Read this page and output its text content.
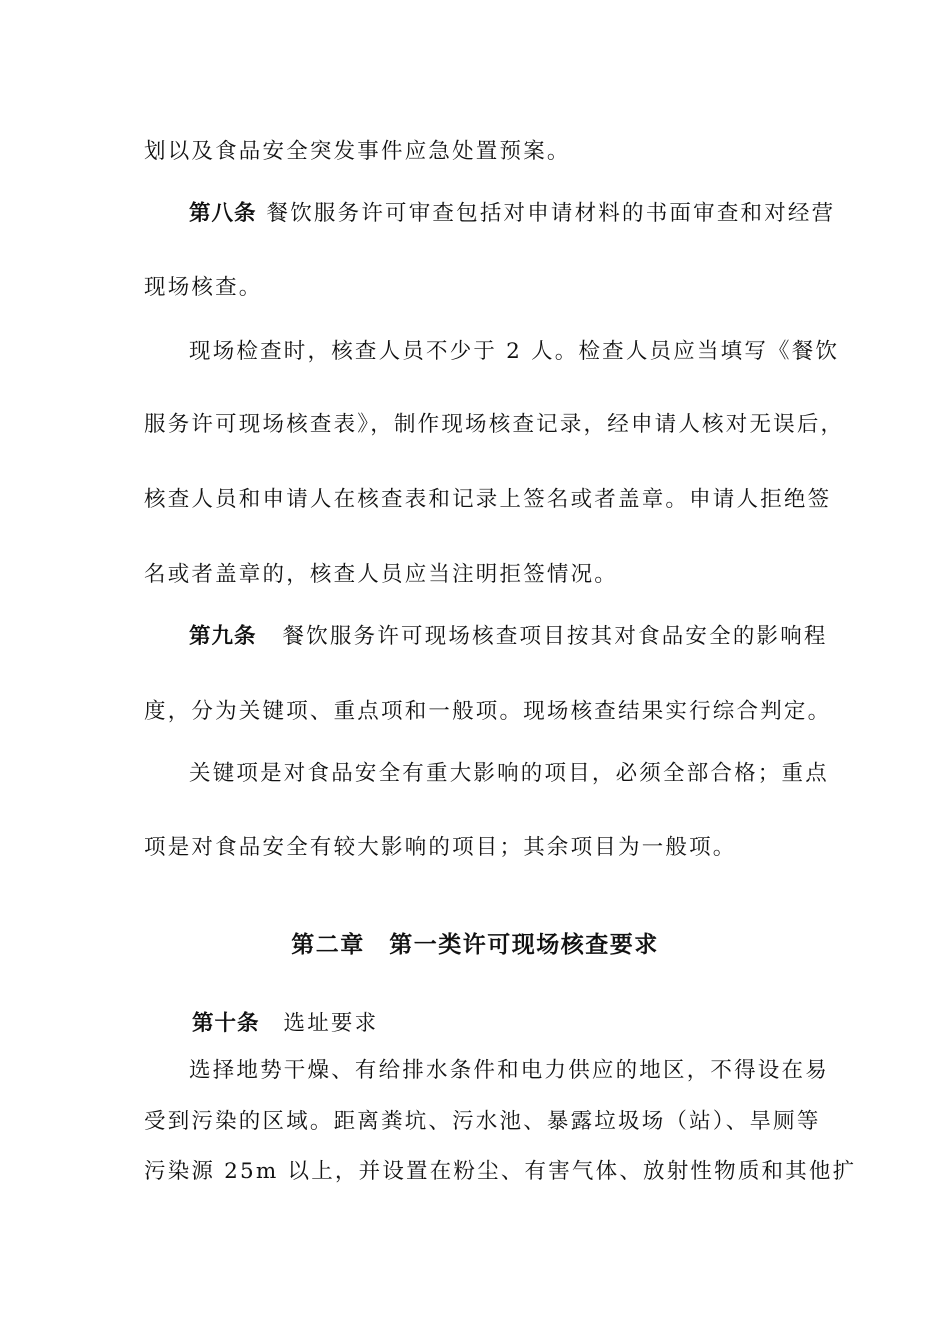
划以及食品安全突发事件应急处置预案。
第八条 餐饮服务许可审查包括对申请材料的书面审查和对经营
现场核查。
现场检查时，核查人员不少于 2 人。检查人员应当填写《餐饮
服务许可现场核查表》，制作现场核查记录，经申请人核对无误后，
核查人员和申请人在核查表和记录上签名或者盖章。申请人拒绝签
名或者盖章的，核查人员应当注明拒签情况。
第九条 餐饮服务许可现场核查项目按其对食品安全的影响程
度，分为关键项、重点项和一般项。现场核查结果实行综合判定。
关键项是对食品安全有重大影响的项目，必须全部合格；重点
项是对食品安全有较大影响的项目；其余项目为一般项。
第二章　第一类许可现场核查要求
第十条 选址要求
选择地势干燥、有给排水条件和电力供应的地区，不得设在易
受到污染的区域。距离粪坑、污水池、暴露垃圾场（站）、旱厕等
污染源 25m 以上，并设置在粉尘、有害气体、放射性物质和其他扩
